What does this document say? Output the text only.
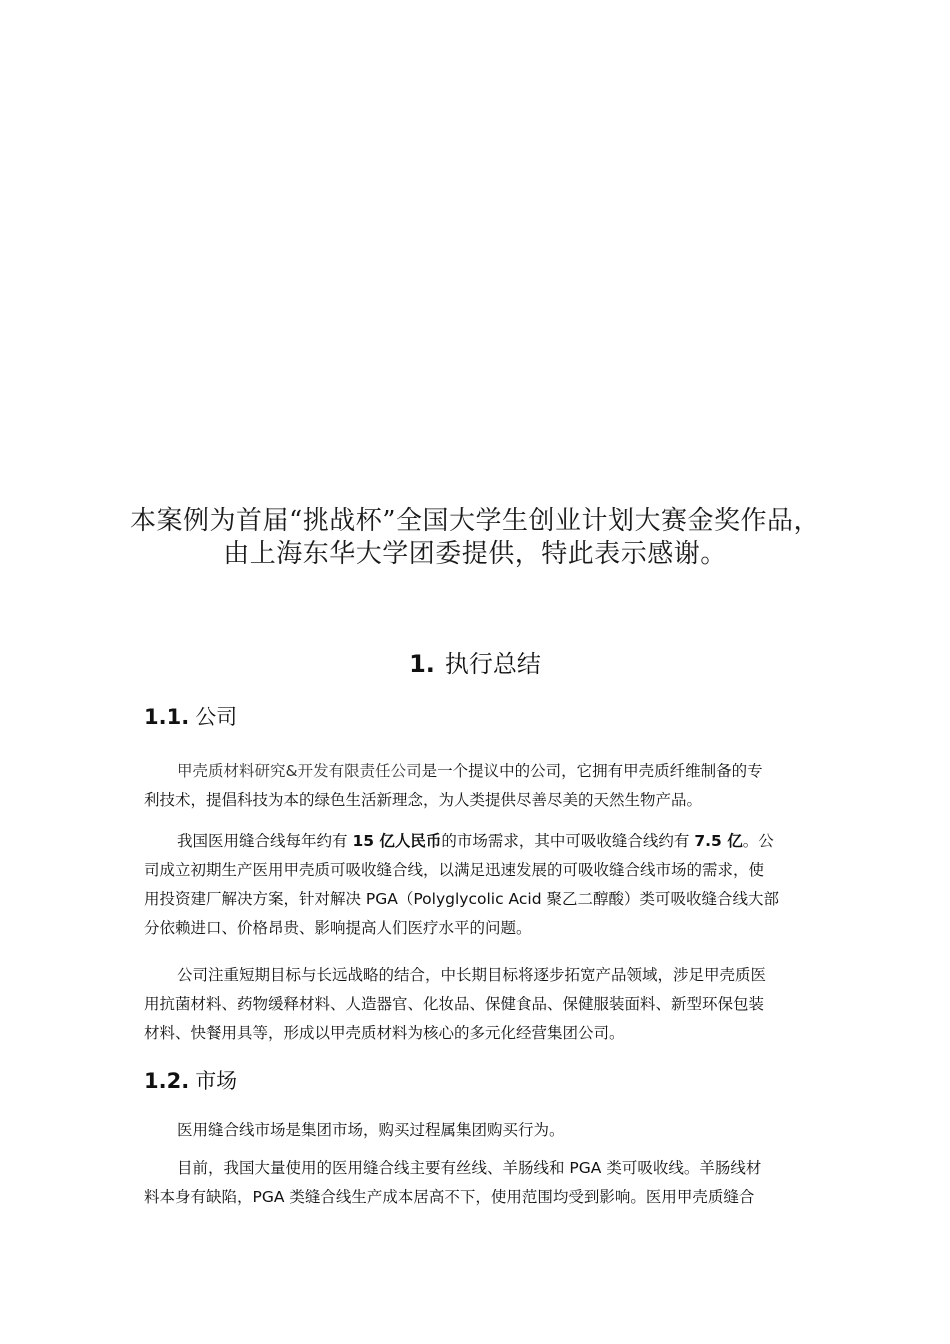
本案例为首届“挑战杯”全国大学生创业计划大赛金奖作品，
由上海东华大学团委提供，特此表示感谢。
1. 执行总结
1.1. 公司
甲壳质材料研究&开发有限责任公司是一个提议中的公司，它拥有甲壳质纤维制备的专
利技术，提倡科技为本的绿色生活新理念，为人类提供尽善尽美的天然生物产品。
我国医用缝合线每年约有 15 亿人民币的市场需求，其中可吸收缝合线约有 7.5 亿。公
司成立初期生产医用甲壳质可吸收缝合线，以满足迅速发展的可吸收缝合线市场的需求，使
用投资建厂解决方案，针对解决 PGA（Polyglycolic Acid 聚乙二醇酸）类可吸收缝合线大部
分依赖进口、价格昂贵、影响提高人们医疗水平的问题。
公司注重短期目标与长远战略的结合，中长期目标将逐步拓宽产品领域，涉足甲壳质医
用抗菌材料、药物缓释材料、人造器官、化妆品、保健食品、保健服装面料、新型环保包装
材料、快餐用具等，形成以甲壳质材料为核心的多元化经营集团公司。
1.2. 市场
医用缝合线市场是集团市场，购买过程属集团购买行为。
目前，我国大量使用的医用缝合线主要有丝线、羊肠线和 PGA 类可吸收线。羊肠线材
料本身有缺陷，PGA 类缝合线生产成本居高不下，使用范围均受到影响。医用甲壳质缝合
